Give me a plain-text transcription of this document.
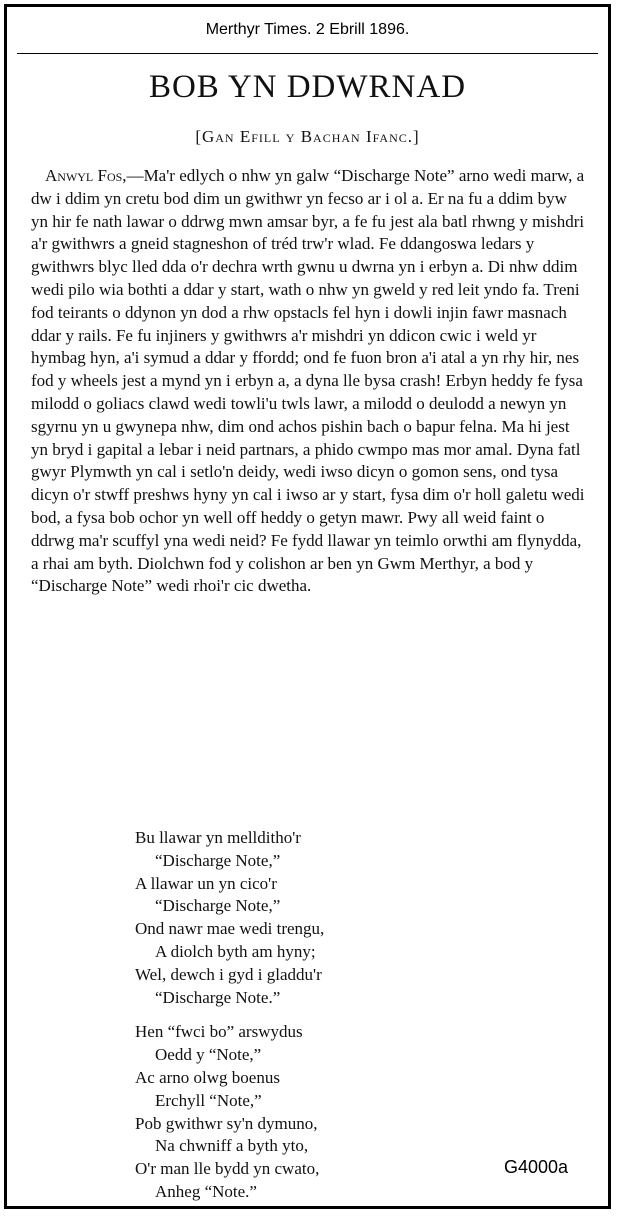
Merthyr Times. 2 Ebrill 1896.
BOB YN DDWRNAD
[Gan Efill y Bachan Ifanc.]

Anwyl Fos,—Ma'r edlych o nhw yn galw “Discharge Note” arno wedi marw, a dw i ddim yn cretu bod dim un gwithwr yn fecso ar i ol a. Er na fu a ddim byw yn hir fe nath lawar o ddrwg mwn amsar byr, a fe fu jest ala batl rhwng y mishdri a'r gwithwrs a gneid stagneshon of tréd trw'r wlad. Fe ddangoswa ledars y gwithwrs blyc lled dda o'r dechra wrth gwnu u dwrna yn i erbyn a. Di nhw ddim wedi pilo wia bothti a ddar y start, wath o nhw yn gweld y red leit yndo fa. Treni fod teirants o ddynon yn dod a rhw opstacls fel hyn i dowli injin fawr masnach ddar y rails. Fe fu injiners y gwithwrs a'r mishdri yn ddicon cwic i weld yr hymbag hyn, a'i symud a ddar y ffordd; ond fe fuon bron a'i atal a yn rhy hir, nes fod y wheels jest a mynd yn i erbyn a, a dyna lle bysa crash! Erbyn heddy fe fysa milodd o goliacs clawd wedi towli'u twls lawr, a milodd o deulodd a newyn yn sgyrnu yn u gwynepa nhw, dim ond achos pishin bach o bapur felna. Ma hi jest yn bryd i gapital a lebar i neid partnars, a phido cwmpo mas mor amal. Dyna fatl gwyr Plymwth yn cal i setlo'n deidy, wedi iwso dicyn o gomon sens, ond tysa dicyn o'r stwff preshws hyny yn cal i iwso ar y start, fysa dim o'r holl galetu wedi bod, a fysa bob ochor yn well off heddy o getyn mawr. Pwy all weid faint o ddrwg ma'r scuffyl yna wedi neid? Fe fydd llawar yn teimlo orwthi am flynydda, a rhai am byth. Diolchwn fod y colishon ar ben yn Gwm Merthyr, a bod y “Discharge Note” wedi rhoi'r cic dwetha.

Bu llawar yn mellditho'r
“Discharge Note,”
A llawar un yn cico'r
“Discharge Note,”
Ond nawr mae wedi trengu,
A diolch byth am hyny;
Wel, dewch i gyd i gladdu'r
“Discharge Note.”
Hen “fwci bo” arswydus
Oedd y “Note,”
Ac arno olwg boenus
Erchyll “Note,”
Pob gwithwr sy'n dymuno,
Na chwniff a byth yto,
O'r man lle bydd yn cwato,
Anheg “Note.”
G4000a
